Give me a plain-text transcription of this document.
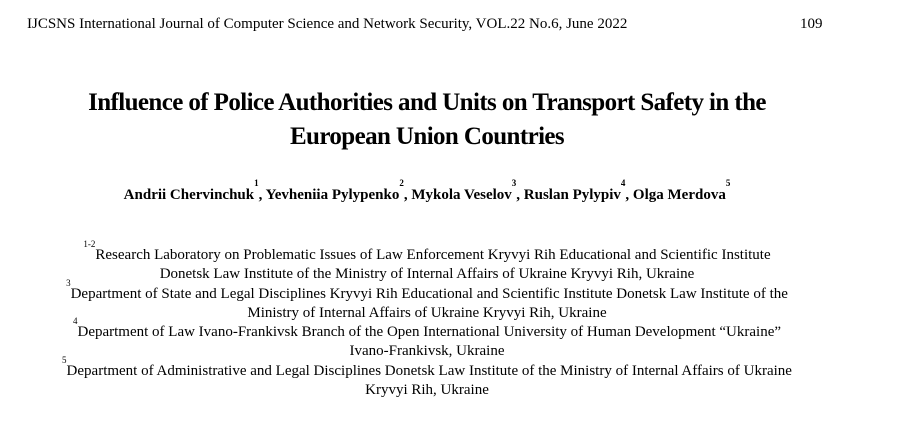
IJCSNS International Journal of Computer Science and Network Security, VOL.22 No.6, June 2022	109
Influence of Police Authorities and Units on Transport Safety in the
European Union Countries
Andrii Chervinchuk$^1$, Yevheniia Pylypenko$^2$, Mykola Veselov$^3$, Ruslan Pylypiv$^4$, Olga Merdova$^5$
$^{1-2}$Research Laboratory on Problematic Issues of Law Enforcement Kryvyi Rih Educational and Scientific Institute
Donetsk Law Institute of the Ministry of Internal Affairs of Ukraine Kryvyi Rih, Ukraine
$^3$Department of State and Legal Disciplines Kryvyi Rih Educational and Scientific Institute Donetsk Law Institute of the
Ministry of Internal Affairs of Ukraine Kryvyi Rih, Ukraine
$^4$Department of Law Ivano-Frankivsk Branch of the Open International University of Human Development “Ukraine”
Ivano-Frankivsk, Ukraine
$^5$Department of Administrative and Legal Disciplines Donetsk Law Institute of the Ministry of Internal Affairs of Ukraine
Kryvyi Rih, Ukraine
